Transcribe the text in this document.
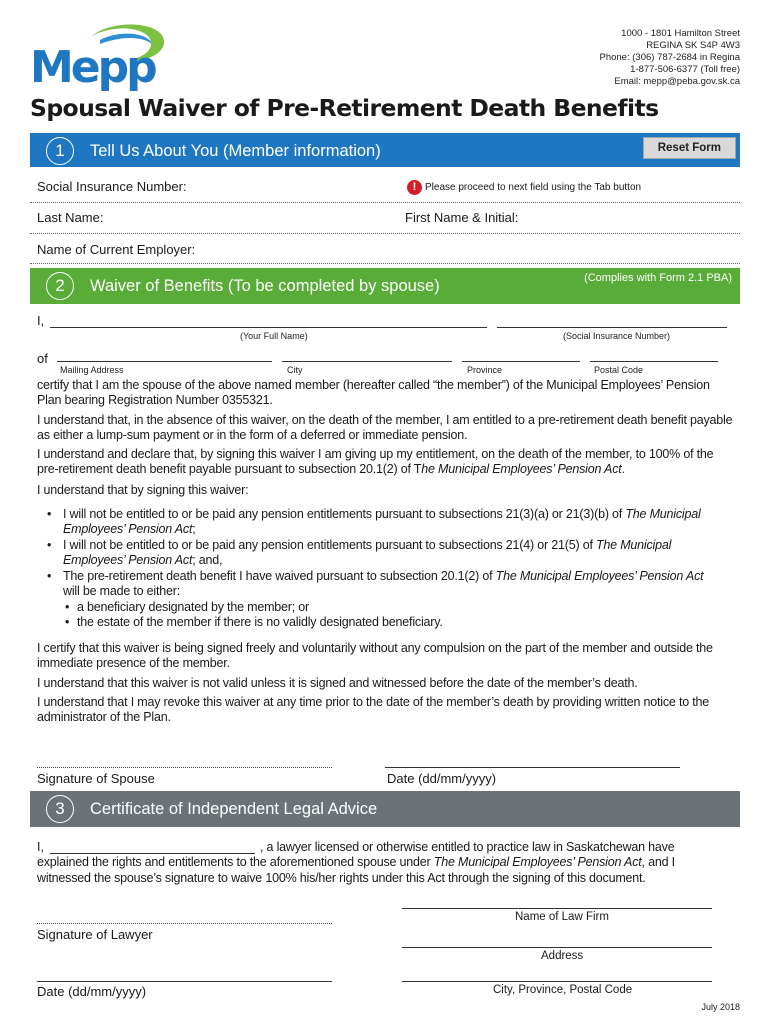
Mepp
1000 - 1801 Hamilton Street
REGINA SK S4P 4W3
Phone: (306) 787-2684 in Regina
1-877-506-6377 (Toll free)
Email: mepp@peba.gov.sk.ca
Spousal Waiver of Pre-Retirement Death Benefits
1	Tell Us About You (Member information)	Reset Form
Social Insurance Number:	! Please proceed to next field using the Tab button
Last Name:	First Name & Initial:
Name of Current Employer:
2	Waiver of Benefits (To be completed by spouse)	(Complies with Form 2.1 PBA)
I,
(Your Full Name)	(Social Insurance Number)
of
Mailing Address	City	Province	Postal Code
certify that I am the spouse of the above named member (hereafter called “the member”) of the Municipal Employees’ Pension Plan bearing Registration Number 0355321.
I understand that, in the absence of this waiver, on the death of the member, I am entitled to a pre-retirement death benefit payable as either a lump-sum payment or in the form of a deferred or immediate pension.
I understand and declare that, by signing this waiver I am giving up my entitlement, on the death of the member, to 100% of the pre-retirement death benefit payable pursuant to subsection 20.1(2) of The Municipal Employees’ Pension Act.
I understand that by signing this waiver:
• I will not be entitled to or be paid any pension entitlements pursuant to subsections 21(3)(a) or 21(3)(b) of The Municipal Employees’ Pension Act;
• I will not be entitled to or be paid any pension entitlements pursuant to subsections 21(4) or 21(5) of The Municipal Employees’ Pension Act; and,
• The pre-retirement death benefit I have waived pursuant to subsection 20.1(2) of The Municipal Employees’ Pension Act will be made to either:
• a beneficiary designated by the member; or
• the estate of the member if there is no validly designated beneficiary.
I certify that this waiver is being signed freely and voluntarily without any compulsion on the part of the member and outside the immediate presence of the member.
I understand that this waiver is not valid unless it is signed and witnessed before the date of the member’s death.
I understand that I may revoke this waiver at any time prior to the date of the member’s death by providing written notice to the administrator of the Plan.
Signature of Spouse	Date (dd/mm/yyyy)
3	Certificate of Independent Legal Advice
I,	, a lawyer licensed or otherwise entitled to practice law in Saskatchewan have
explained the rights and entitlements to the aforementioned spouse under The Municipal Employees’ Pension Act, and I
witnessed the spouse’s signature to waive 100% his/her rights under this Act through the signing of this document.
Name of Law Firm
Signature of Lawyer
Address
Date (dd/mm/yyyy)	City, Province, Postal Code
July 2018
